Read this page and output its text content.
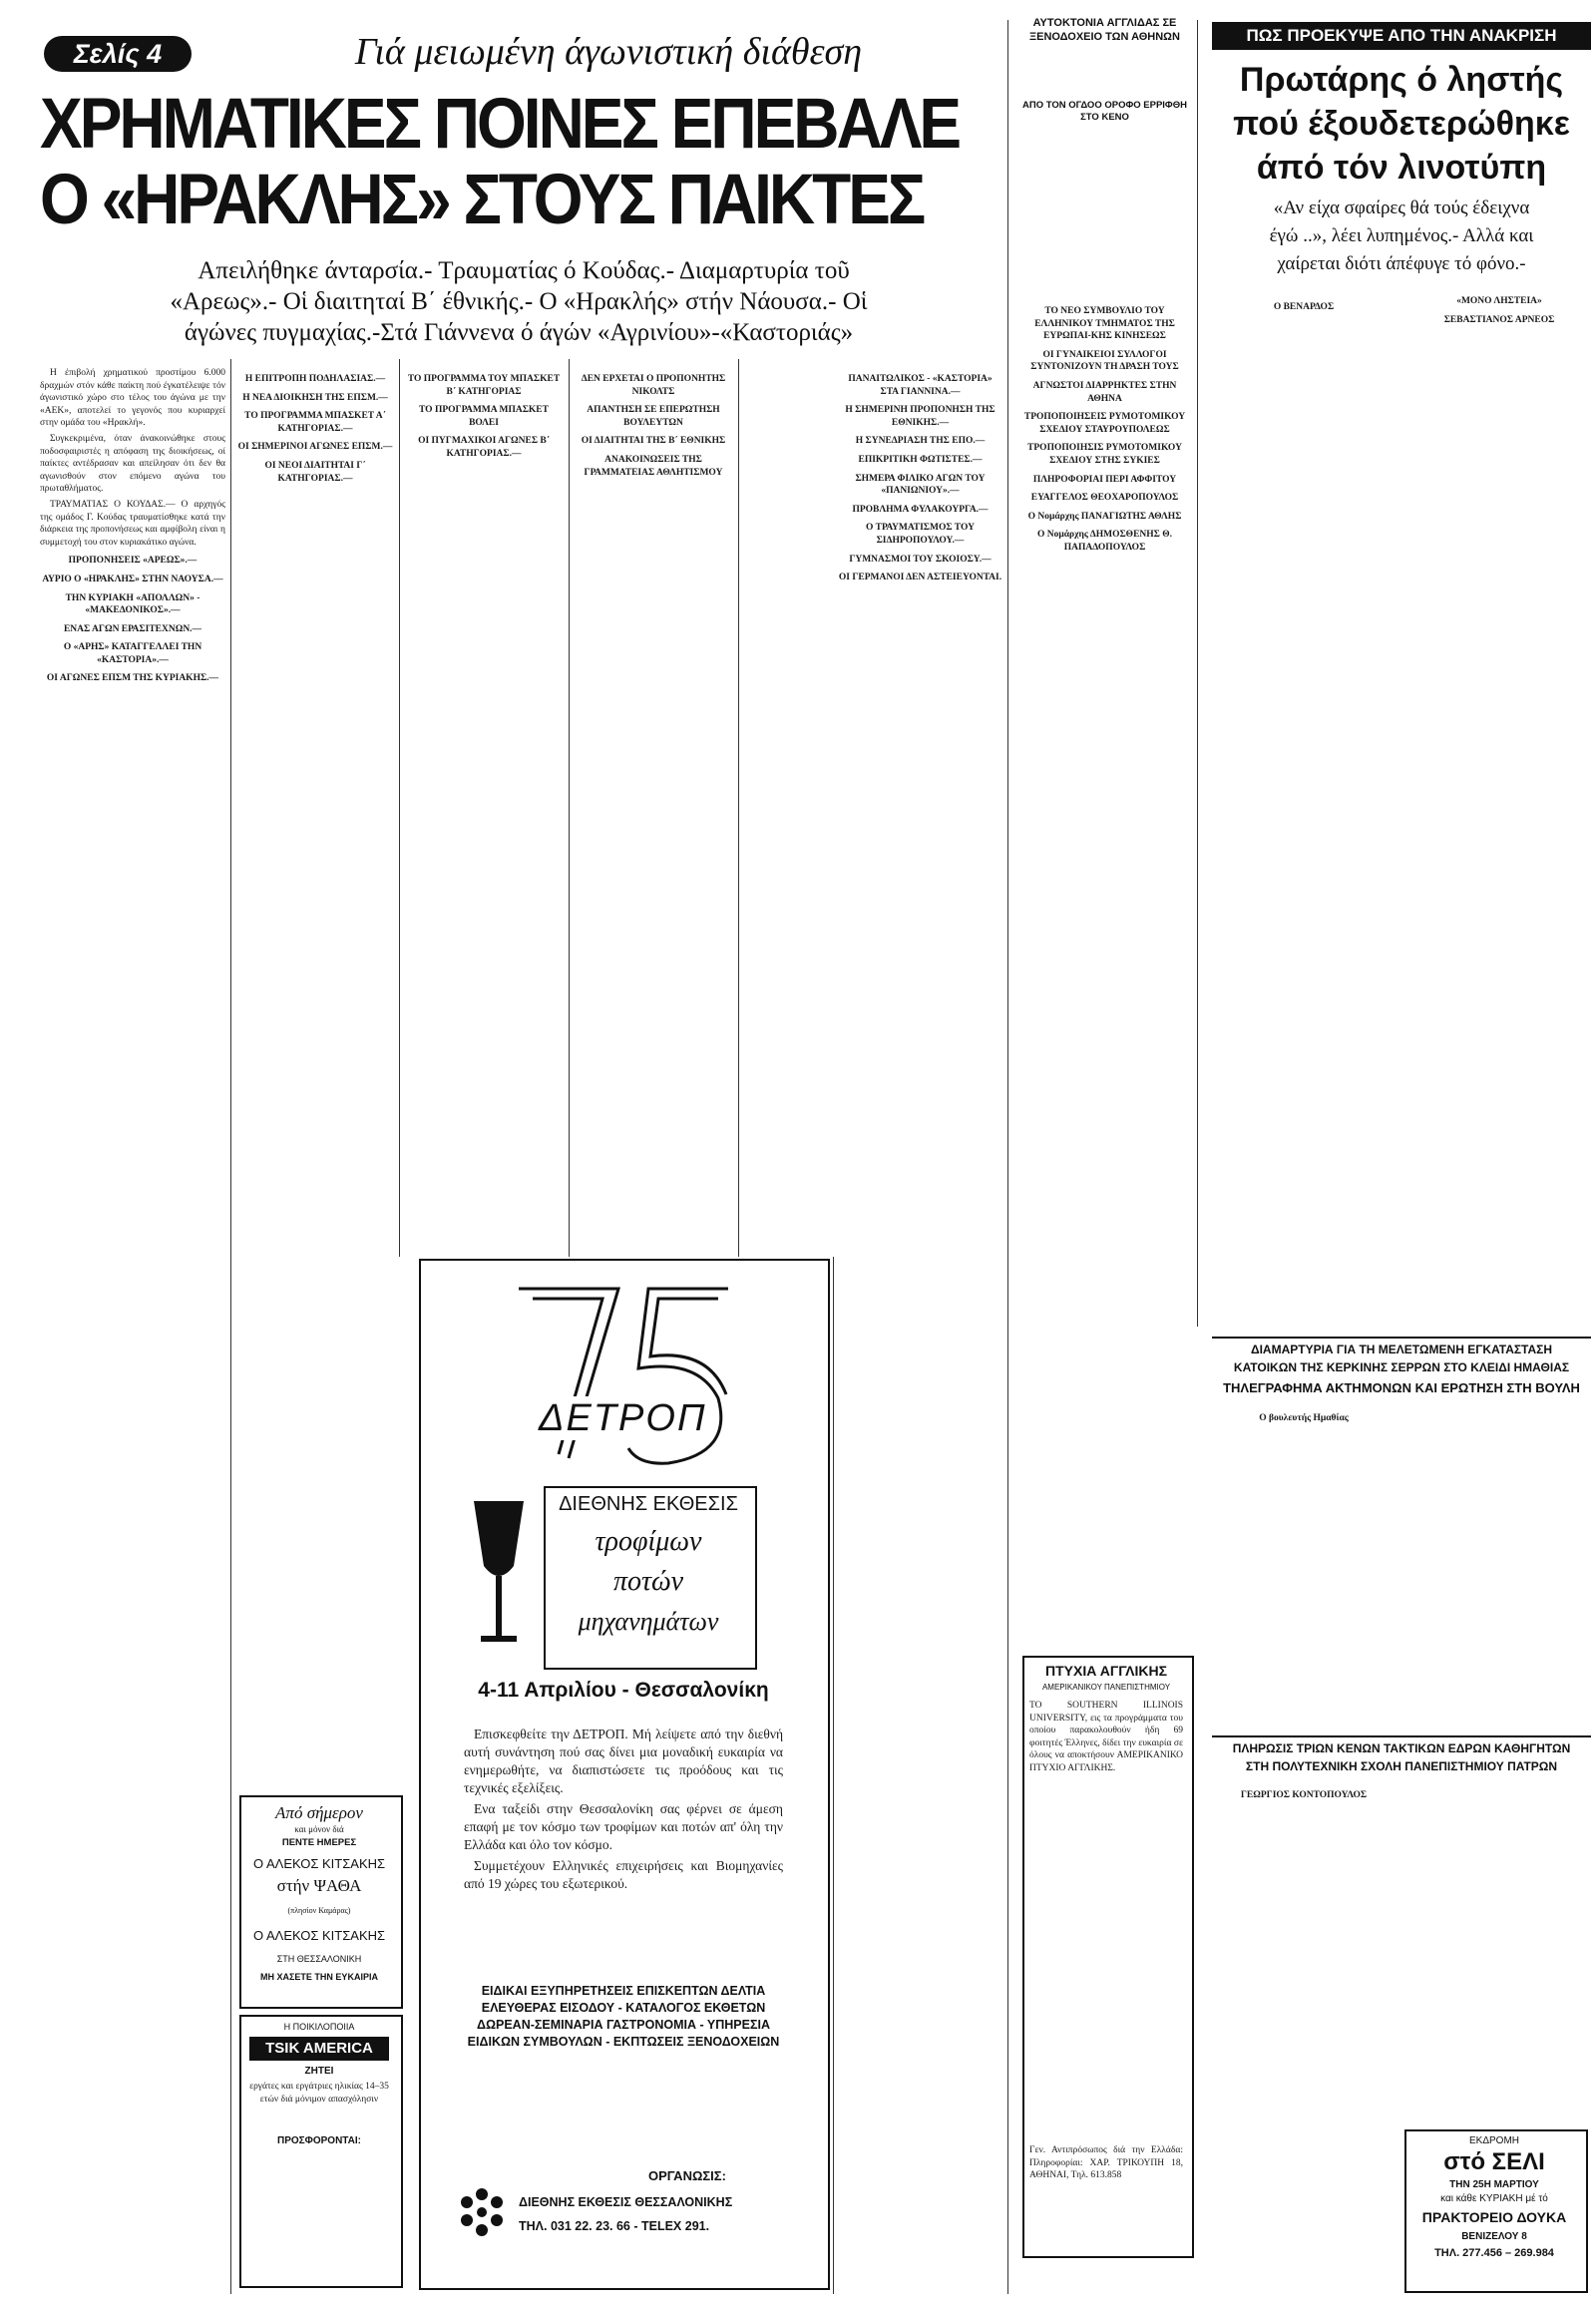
Σελίς 4	Γιά μειωμένη άγωνιστική διάθεση
ΧΡΗΜΑΤΙΚΕΣ ΠΟΙΝΕΣ ΕΠΕΒΑΛΕ
Ο «ΗΡΑΚΛΗΣ» ΣΤΟΥΣ ΠΑΙΚΤΕΣ
Απειλήθηκε άνταρσία.- Τραυματίας ό Κούδας.- Διαμαρτυρία τοῦ
«Αρεως».- Οἱ διαιτηταί Β΄ έθνικής.- Ο «Ηρακλής» στήν Νάουσα.- Οἱ
άγώνες πυγμαχίας.-Στά Γιάννενα ό άγών «Αγρινίου»-«Καστοριάς»

Η έπιβολή χρηματικού προστίμου 6.000 δραχμών στόν κάθε παίκτη πού έγκατέλειψε τόν άγωνιστικό χώρο στο τέλος του άγώνα με την «ΑΕΚ», αποτελεί το γεγονός που κυριαρχεί στην ομάδα του «Ηρακλή».

Συγκεκριμένα, όταν άνακοινώθηκε στους ποδοσφαιριστές η απόφαση της διοικήσεως, οί παίκτες αντέδρασαν και απείλησαν ότι δεν θα αγωνισθούν στον επόμενο αγώνα του πρωταθλήματος.

ΤΡΑΥΜΑΤΙΑΣ Ο ΚΟΥΔΑΣ.— Ο αρχηγός της ομάδος Γ. Κούδας τραυματίσθηκε κατά την διάρκεια της προπονήσεως και αμφίβολη είναι η συμμετοχή του στον κυριακάτικο αγώνα.

ΠΡΟΠΟΝΗΣΕΙΣ «ΑΡΕΩΣ».—

ΑΥΡΙΟ Ο «ΗΡΑΚΛΗΣ» ΣΤΗΝ ΝΑΟΥΣΑ.—

ΤΗΝ ΚΥΡΙΑΚΗ «ΑΠΟΛΛΩΝ» - «ΜΑΚΕΔΟΝΙΚΟΣ».—

ΕΝΑΣ ΑΓΩΝ ΕΡΑΣΙΤΕΧΝΩΝ.—

Ο «ΑΡΗΣ» ΚΑΤΑΓΓΕΛΛΕΙ ΤΗΝ «ΚΑΣΤΟΡΙΑ».—

ΟΙ ΑΓΩΝΕΣ ΕΠΣΜ ΤΗΣ ΚΥΡΙΑΚΗΣ.—

Η ΕΠΙΤΡΟΠΗ ΠΟΔΗΛΑΣΙΑΣ.—

Η ΝΕΑ ΔΙΟΙΚΗΣΗ ΤΗΣ ΕΠΣΜ.—

ΤΟ ΠΡΟΓΡΑΜΜΑ ΜΠΑΣΚΕΤ Α΄ ΚΑΤΗΓΟΡΙΑΣ.—

ΟΙ ΣΗΜΕΡΙΝΟΙ ΑΓΩΝΕΣ ΕΠΣΜ.—

ΟΙ ΝΕΟΙ ΔΙΑΙΤΗΤΑΙ Γ΄ ΚΑΤΗΓΟΡΙΑΣ.—

ΤΟ ΠΡΟΓΡΑΜΜΑ ΤΟΥ ΜΠΑΣΚΕΤ Β΄ ΚΑΤΗΓΟΡΙΑΣ

ΤΟ ΠΡΟΓΡΑΜΜΑ ΜΠΑΣΚΕΤ ΒΟΛΕΙ

ΟΙ ΠΥΓΜΑΧΙΚΟΙ ΑΓΩΝΕΣ Β΄ ΚΑΤΗΓΟΡΙΑΣ.—

ΔΕΝ ΕΡΧΕΤΑΙ Ο ΠΡΟΠΟΝΗΤΗΣ ΝΙΚΟΛΤΣ

ΑΠΑΝΤΗΣΗ ΣΕ ΕΠΕΡΩΤΗΣΗ ΒΟΥΛΕΥΤΩΝ

ΟΙ ΔΙΑΙΤΗΤΑΙ ΤΗΣ Β΄ ΕΘΝΙΚΗΣ

ΑΝΑΚΟΙΝΩΣΕΙΣ ΤΗΣ ΓΡΑΜΜΑΤΕΙΑΣ ΑΘΛΗΤΙΣΜΟΥ

ΠΑΝΑΙΤΩΛΙΚΟΣ - «ΚΑΣΤΟΡΙΑ» ΣΤΑ ΓΙΑΝΝΙΝΑ.—

Η ΣΗΜΕΡΙΝΗ ΠΡΟΠΟΝΗΣΗ ΤΗΣ ΕΘΝΙΚΗΣ.—

Η ΣΥΝΕΔΡΙΑΣΗ ΤΗΣ ΕΠΟ.—

ΕΠΙΚΡΙΤΙΚΗ ΦΩΤΙΣΤΕΣ.—

ΣΗΜΕΡΑ ΦΙΛΙΚΟ ΑΓΩΝ ΤΟΥ «ΠΑΝΙΩΝΙΟΥ».—

ΠΡΟΒΛΗΜΑ ΦΥΛΑΚΟΥΡΓΑ.—

Ο ΤΡΑΥΜΑΤΙΣΜΟΣ ΤΟΥ ΣΙΔΗΡΟΠΟΥΛΟΥ.—

ΓΥΜΝΑΣΜΟΙ ΤΟΥ ΣΚΟΙΟΣΥ.—

ΟΙ ΓΕΡΜΑΝΟΙ ΔΕΝ ΑΣΤΕΙΕΥΟΝΤΑΙ.

ΑΥΤΟΚΤΟΝΙΑ ΑΓΓΛΙΔΑΣ ΣΕ ΞΕΝΟΔΟΧΕΙΟ ΤΩΝ ΑΘΗΝΩΝ
ΑΠΟ ΤΟΝ ΟΓΔΟΟ ΟΡΟΦΟ ΕΡΡΙΦΘΗ ΣΤΟ ΚΕΝΟ

ΤΟ ΝΕΟ ΣΥΜΒΟΥΛΙΟ ΤΟΥ ΕΛΛΗΝΙΚΟΥ ΤΜΗΜΑΤΟΣ ΤΗΣ ΕΥΡΩΠΑΙ-ΚΗΣ ΚΙΝΗΣΕΩΣ

ΟΙ ΓΥΝΑΙΚΕΙΟΙ ΣΥΛΛΟΓΟΙ ΣΥΝΤΟΝΙΖΟΥΝ ΤΗ ΔΡΑΣΗ ΤΟΥΣ

ΑΓΝΩΣΤΟΙ ΔΙΑΡΡΗΚΤΕΣ ΣΤΗΝ ΑΘΗΝΑ

ΤΡΟΠΟΠΟΙΗΣΕΙΣ ΡΥΜΟΤΟΜΙΚΟΥ ΣΧΕΔΙΟΥ ΣΤΑΥΡΟΥΠΟΛΕΩΣ

ΤΡΟΠΟΠΟΙΗΣΙΣ ΡΥΜΟΤΟΜΙΚΟΥ ΣΧΕΔΙΟΥ ΣΤΗΣ ΣΥΚΙΕΣ

ΠΛΗΡΟΦΟΡΙΑΙ ΠΕΡΙ ΑΦΦΙΤΟΥ

ΕΥΑΓΓΕΛΟΣ ΘΕΟΧΑΡΟΠΟΥΛΟΣ

Ο Νομάρχης ΠΑΝΑΓΙΩΤΗΣ ΑΘΛΗΣ

Ο Νομάρχης ΔΗΜΟΣΘΕΝΗΣ Θ. ΠΑΠΑΔΟΠΟΥΛΟΣ

ΠΤΥΧΙΑ ΑΓΓΛΙΚΗΣ
ΑΜΕΡΙΚΑΝΙΚΟΥ ΠΑΝΕΠΙΣΤΗΜΙΟΥ
ΤΟ SOUTHERN ILLINOIS UNIVERSITY, εις τα προγράμματα του οποίου παρακολουθούν ήδη 69 φοιτητές Έλληνες, δίδει την ευκαιρία σε όλους να αποκτήσουν ΑΜΕΡΙΚΑΝΙΚΟ ΠΤΥΧΙΟ ΑΓΓΛΙΚΗΣ.
Γεν. Αντιπρόσωπος διά την Ελλάδα: Πληροφορίαι: ΧΑΡ. ΤΡΙΚΟΥΠΗ 18, ΑΘΗΝΑΙ, Τηλ. 613.858
ΠΩΣ ΠΡΟΕΚΥΨΕ ΑΠΟ ΤΗΝ ΑΝΑΚΡΙΣΗ
Πρωτάρης ό ληστής
πού έξουδετερώθηκε
άπό τόν λινοτύπη
«Αν είχα σφαίρες θά τούς έδειχνα
έγώ ..», λέει λυπημένος.- Αλλά και
χαίρεται διότι άπέφυγε τό φόνο.-

Ο ΒΕΝΑΡΔΟΣ

«ΜΟΝΟ ΛΗΣΤΕΙΑ»

ΣΕΒΑΣΤΙΑΝΟΣ ΑΡΝΕΟΣ

ΔΙΑΜΑΡΤΥΡΙΑ ΓΙΑ ΤΗ ΜΕΛΕΤΩΜΕΝΗ ΕΓΚΑΤΑΣΤΑΣΗ
ΚΑΤΟΙΚΩΝ ΤΗΣ ΚΕΡΚΙΝΗΣ ΣΕΡΡΩΝ ΣΤΟ ΚΛΕΙΔΙ ΗΜΑΘΙΑΣ
ΤΗΛΕΓΡΑΦΗΜΑ ΑΚΤΗΜΟΝΩΝ ΚΑΙ ΕΡΩΤΗΣΗ ΣΤΗ ΒΟΥΛΗ

Ο βουλευτής Ημαθίας

ΠΛΗΡΩΣΙΣ ΤΡΙΩΝ ΚΕΝΩΝ ΤΑΚΤΙΚΩΝ ΕΔΡΩΝ ΚΑΘΗΓΗΤΩΝ
ΣΤΗ ΠΟΛΥΤΕΧΝΙΚΗ ΣΧΟΛΗ ΠΑΝΕΠΙΣΤΗΜΙΟΥ ΠΑΤΡΩΝ

ΓΕΩΡΓΙΟΣ ΚΟΝΤΟΠΟΥΛΟΣ

ΕΚΔΡΟΜΗ
στό ΣΕΛΙ
ΤΗΝ 25Η ΜΑΡΤΙΟΥ
και κάθε ΚΥΡΙΑΚΗ μέ τό
ΠΡΑΚΤΟΡΕΙΟ ΔΟΥΚΑ
ΒΕΝΙΖΕΛΟΥ 8
ΤΗΛ. 277.456 – 269.984
ΔΕΤΡΟΠ
ΔΙΕΘΝΗΣ ΕΚΘΕΣΙΣ
τροφίμων
ποτών
μηχανημάτων
4-11 Απριλίου - Θεσσαλονίκη

Επισκεφθείτε την ΔΕΤΡΟΠ. Μή λείψετε από την διεθνή αυτή συνάντηση πού σας δίνει μια μοναδική ευκαιρία να ενημερωθήτε, να διαπιστώσετε τις προόδους και τις τεχνικές εξελίξεις.

Ενα ταξείδι στην Θεσσαλονίκη σας φέρνει σε άμεση επαφή με τον κόσμο των τροφίμων και ποτών απ' όλη την Ελλάδα και όλο τον κόσμο.

Συμμετέχουν Ελληνικές επιχειρήσεις και Βιομηχανίες από 19 χώρες του εξωτερικού.

ΕΙΔΙΚΑΙ ΕΞΥΠΗΡΕΤΗΣΕΙΣ ΕΠΙΣΚΕΠΤΩΝ ΔΕΛΤΙΑ ΕΛΕΥΘΕΡΑΣ ΕΙΣΟΔΟΥ - ΚΑΤΑΛΟΓΟΣ ΕΚΘΕΤΩΝ ΔΩΡΕΑΝ-ΣΕΜΙΝΑΡΙΑ ΓΑΣΤΡΟΝΟΜΙΑ - ΥΠΗΡΕΣΙΑ ΕΙΔΙΚΩΝ ΣΥΜΒΟΥΛΩΝ - ΕΚΠΤΩΣΕΙΣ ΞΕΝΟΔΟΧΕΙΩΝ
ΟΡΓΑΝΩΣΙΣ:
ΔΙΕΘΝΗΣ ΕΚΘΕΣΙΣ ΘΕΣΣΑΛΟΝΙΚΗΣ
ΤΗΛ. 031 22. 23. 66 - TELEX 291.
Από σήμερον
και μόνον διά
ΠΕΝΤΕ ΗΜΕΡΕΣ
Ο ΑΛΕΚΟΣ ΚΙΤΣΑΚΗΣ
στήν ΨΑΘΑ
(πλησίον Καμάρας)
Ο ΑΛΕΚΟΣ ΚΙΤΣΑΚΗΣ
ΣΤΗ ΘΕΣΣΑΛΟΝΙΚΗ
ΜΗ ΧΑΣΕΤΕ ΤΗΝ ΕΥΚΑΙΡΙΑ
Η ΠΟΙΚΙΛΟΠΟΙΙΑ
TSIK AMERICA
ΖΗΤΕΙ
εργάτες και εργάτριες ηλικίας 14–35 ετών διά μόνιμον απασχόλησιν
ΠΡΟΣΦΟΡΟΝΤΑΙ:
